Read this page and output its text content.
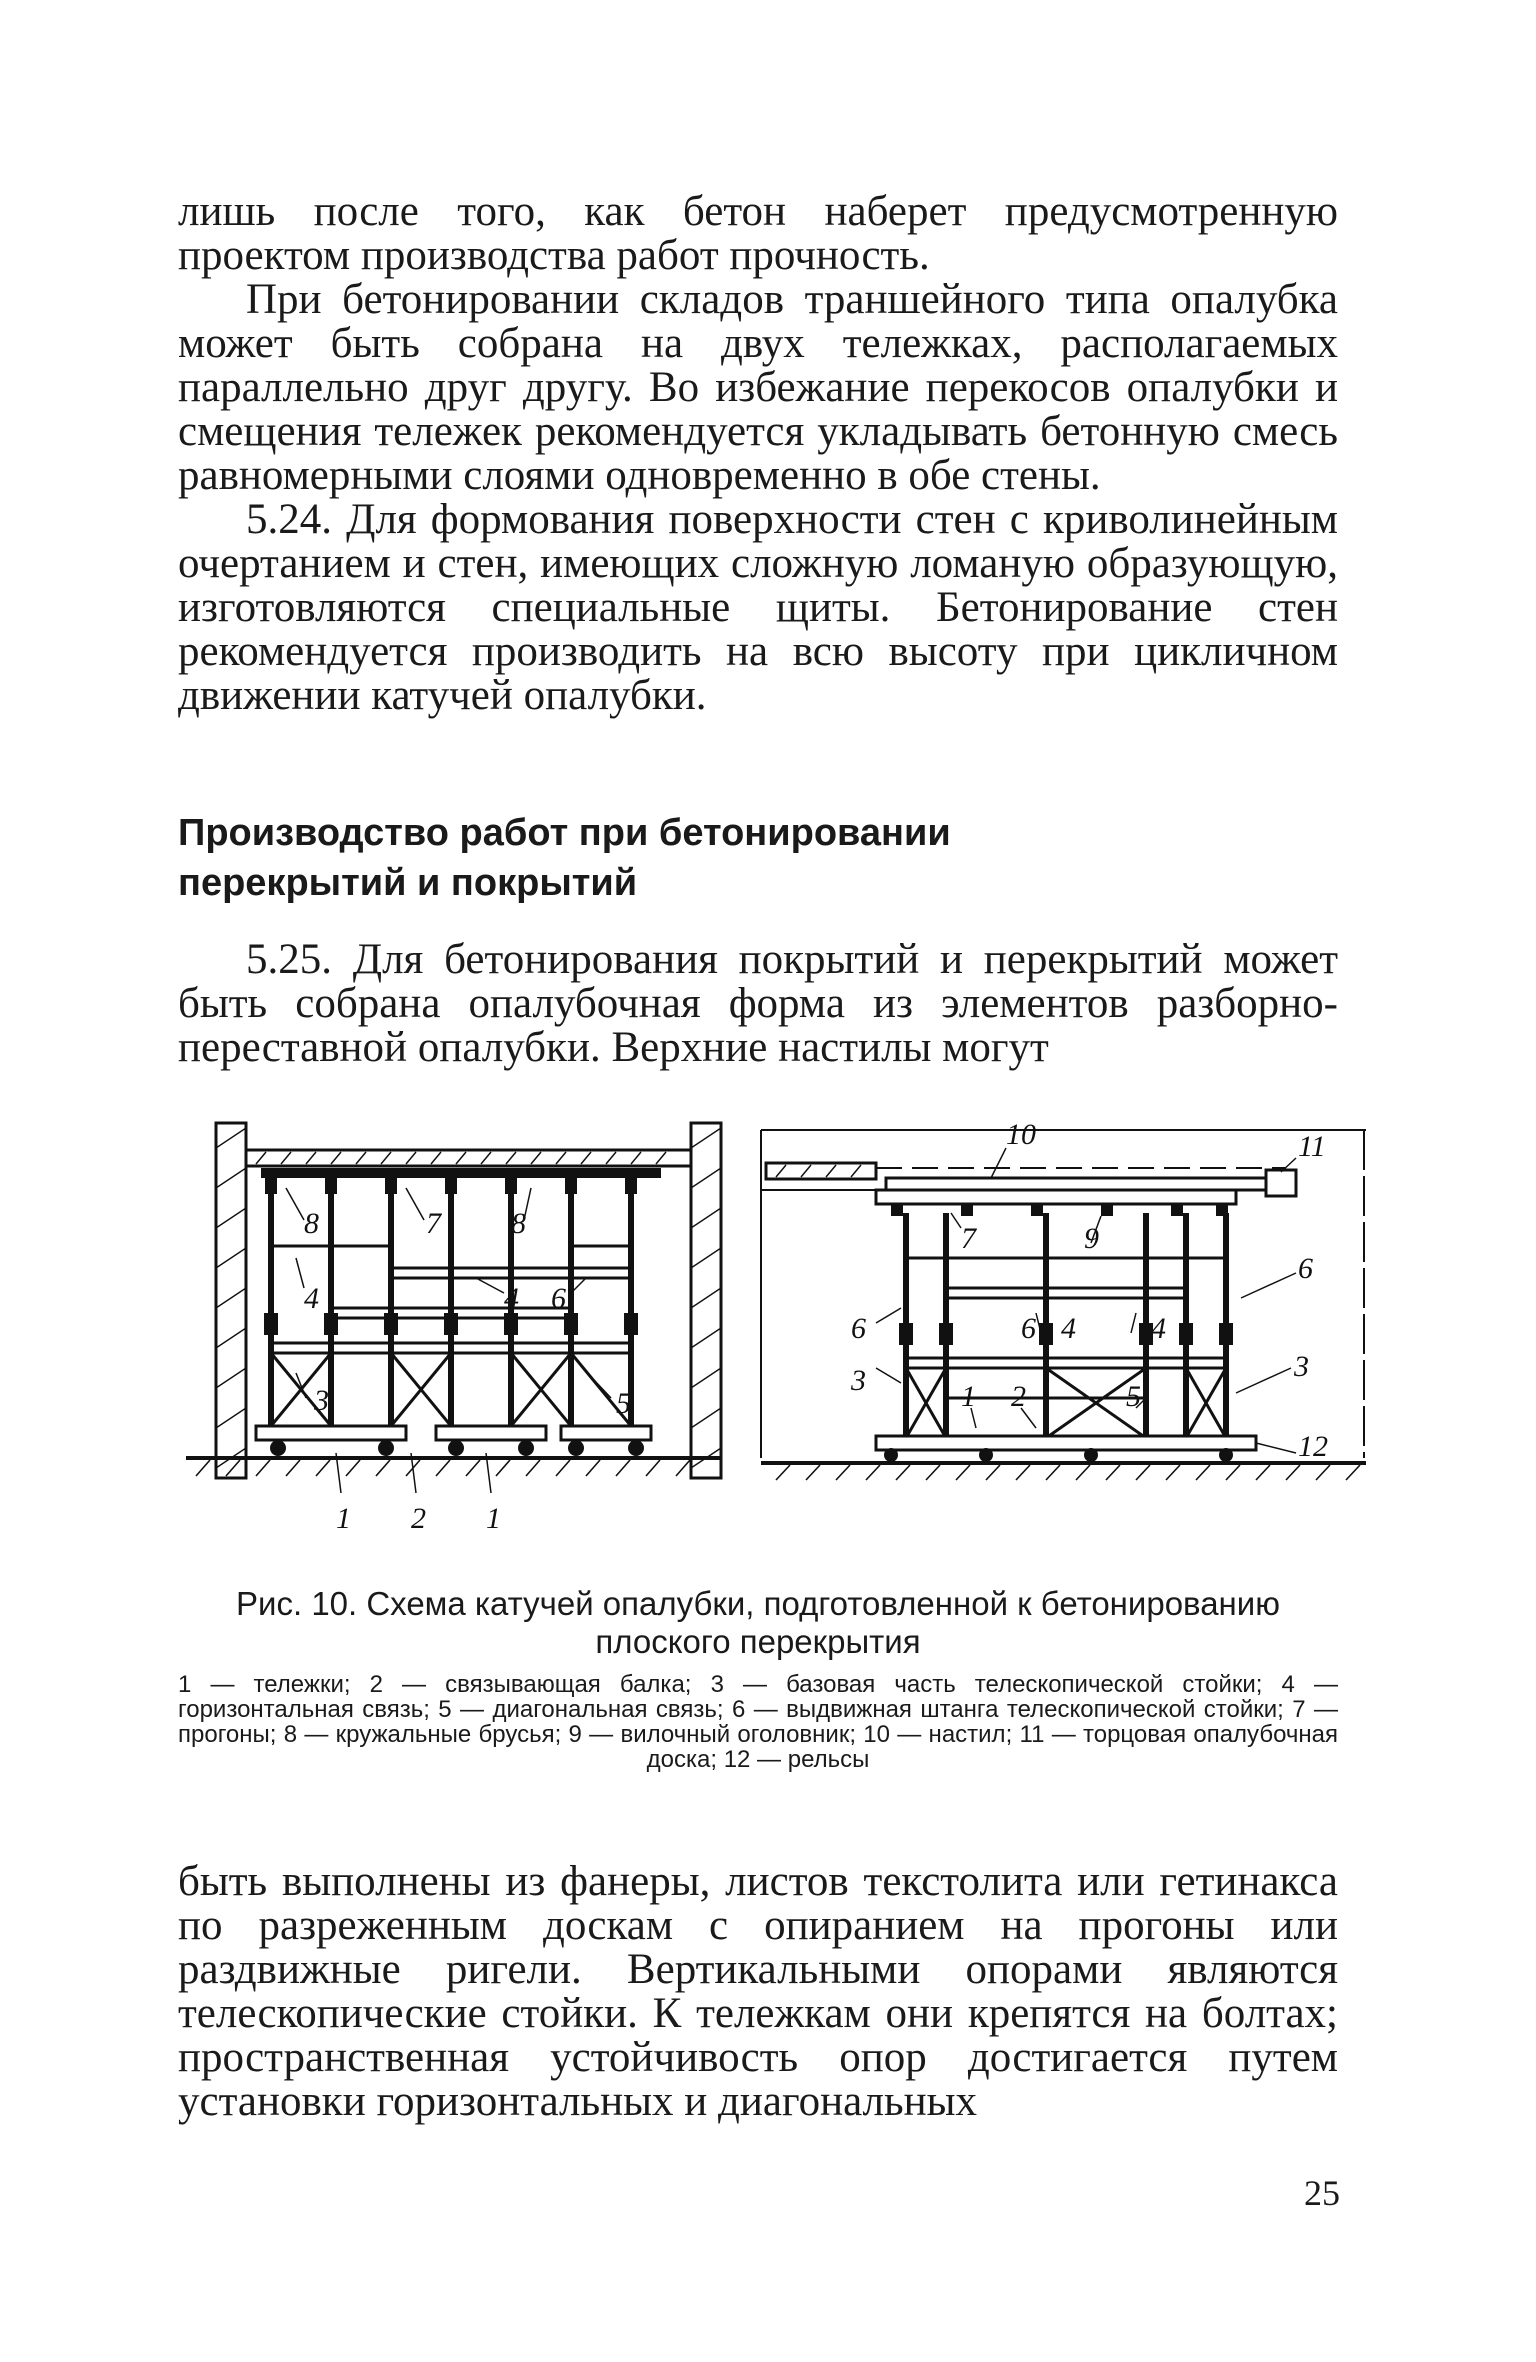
лишь после того, как бетон наберет предусмотренную проектом производства работ прочность.

При бетонировании складов траншейного типа опалубка может быть собрана на двух тележках, располагаемых параллельно друг другу. Во избежание перекосов опалубки и смещения тележек рекомендуется укладывать бетонную смесь равномерными слоями одновременно в обе стены.

5.24. Для формования поверхности стен с криволинейным очертанием и стен, имеющих сложную ломаную образующую, изготовляются специальные щиты. Бетонирование стен рекомендуется производить на всю высоту при цикличном движении катучей опалубки.

Производство работ при бетонировании
перекрытий и покрытий

5.25. Для бетонирования покрытий и перекрытий может быть собрана опалубочная форма из элементов разборно-переставной опалубки. Верхние настилы могут

8	7 8
4	4 6
3	5
1 2 1
10	11
7	9
6
6	6 4	4
3	3
1 2	5
12
Рис. 10. Схема катучей опалубки, подготовленной к бетонированию плоского перекрытия
1 — тележки; 2 — связывающая балка; 3 — базовая часть телескопической стойки; 4 — горизонтальная связь; 5 — диагональная связь; 6 — выдвижная штанга телескопической стойки; 7 — прогоны; 8 — кружальные брусья; 9 — вилочный оголовник; 10 — настил; 11 — торцовая опалубочная доска; 12 — рельсы

быть выполнены из фанеры, листов текстолита или гетинакса по разреженным доскам с опиранием на прогоны или раздвижные ригели. Вертикальными опорами являются телескопические стойки. К тележкам они крепятся на болтах; пространственная устойчивость опор достигается путем установки горизонтальных и диагональных

25
